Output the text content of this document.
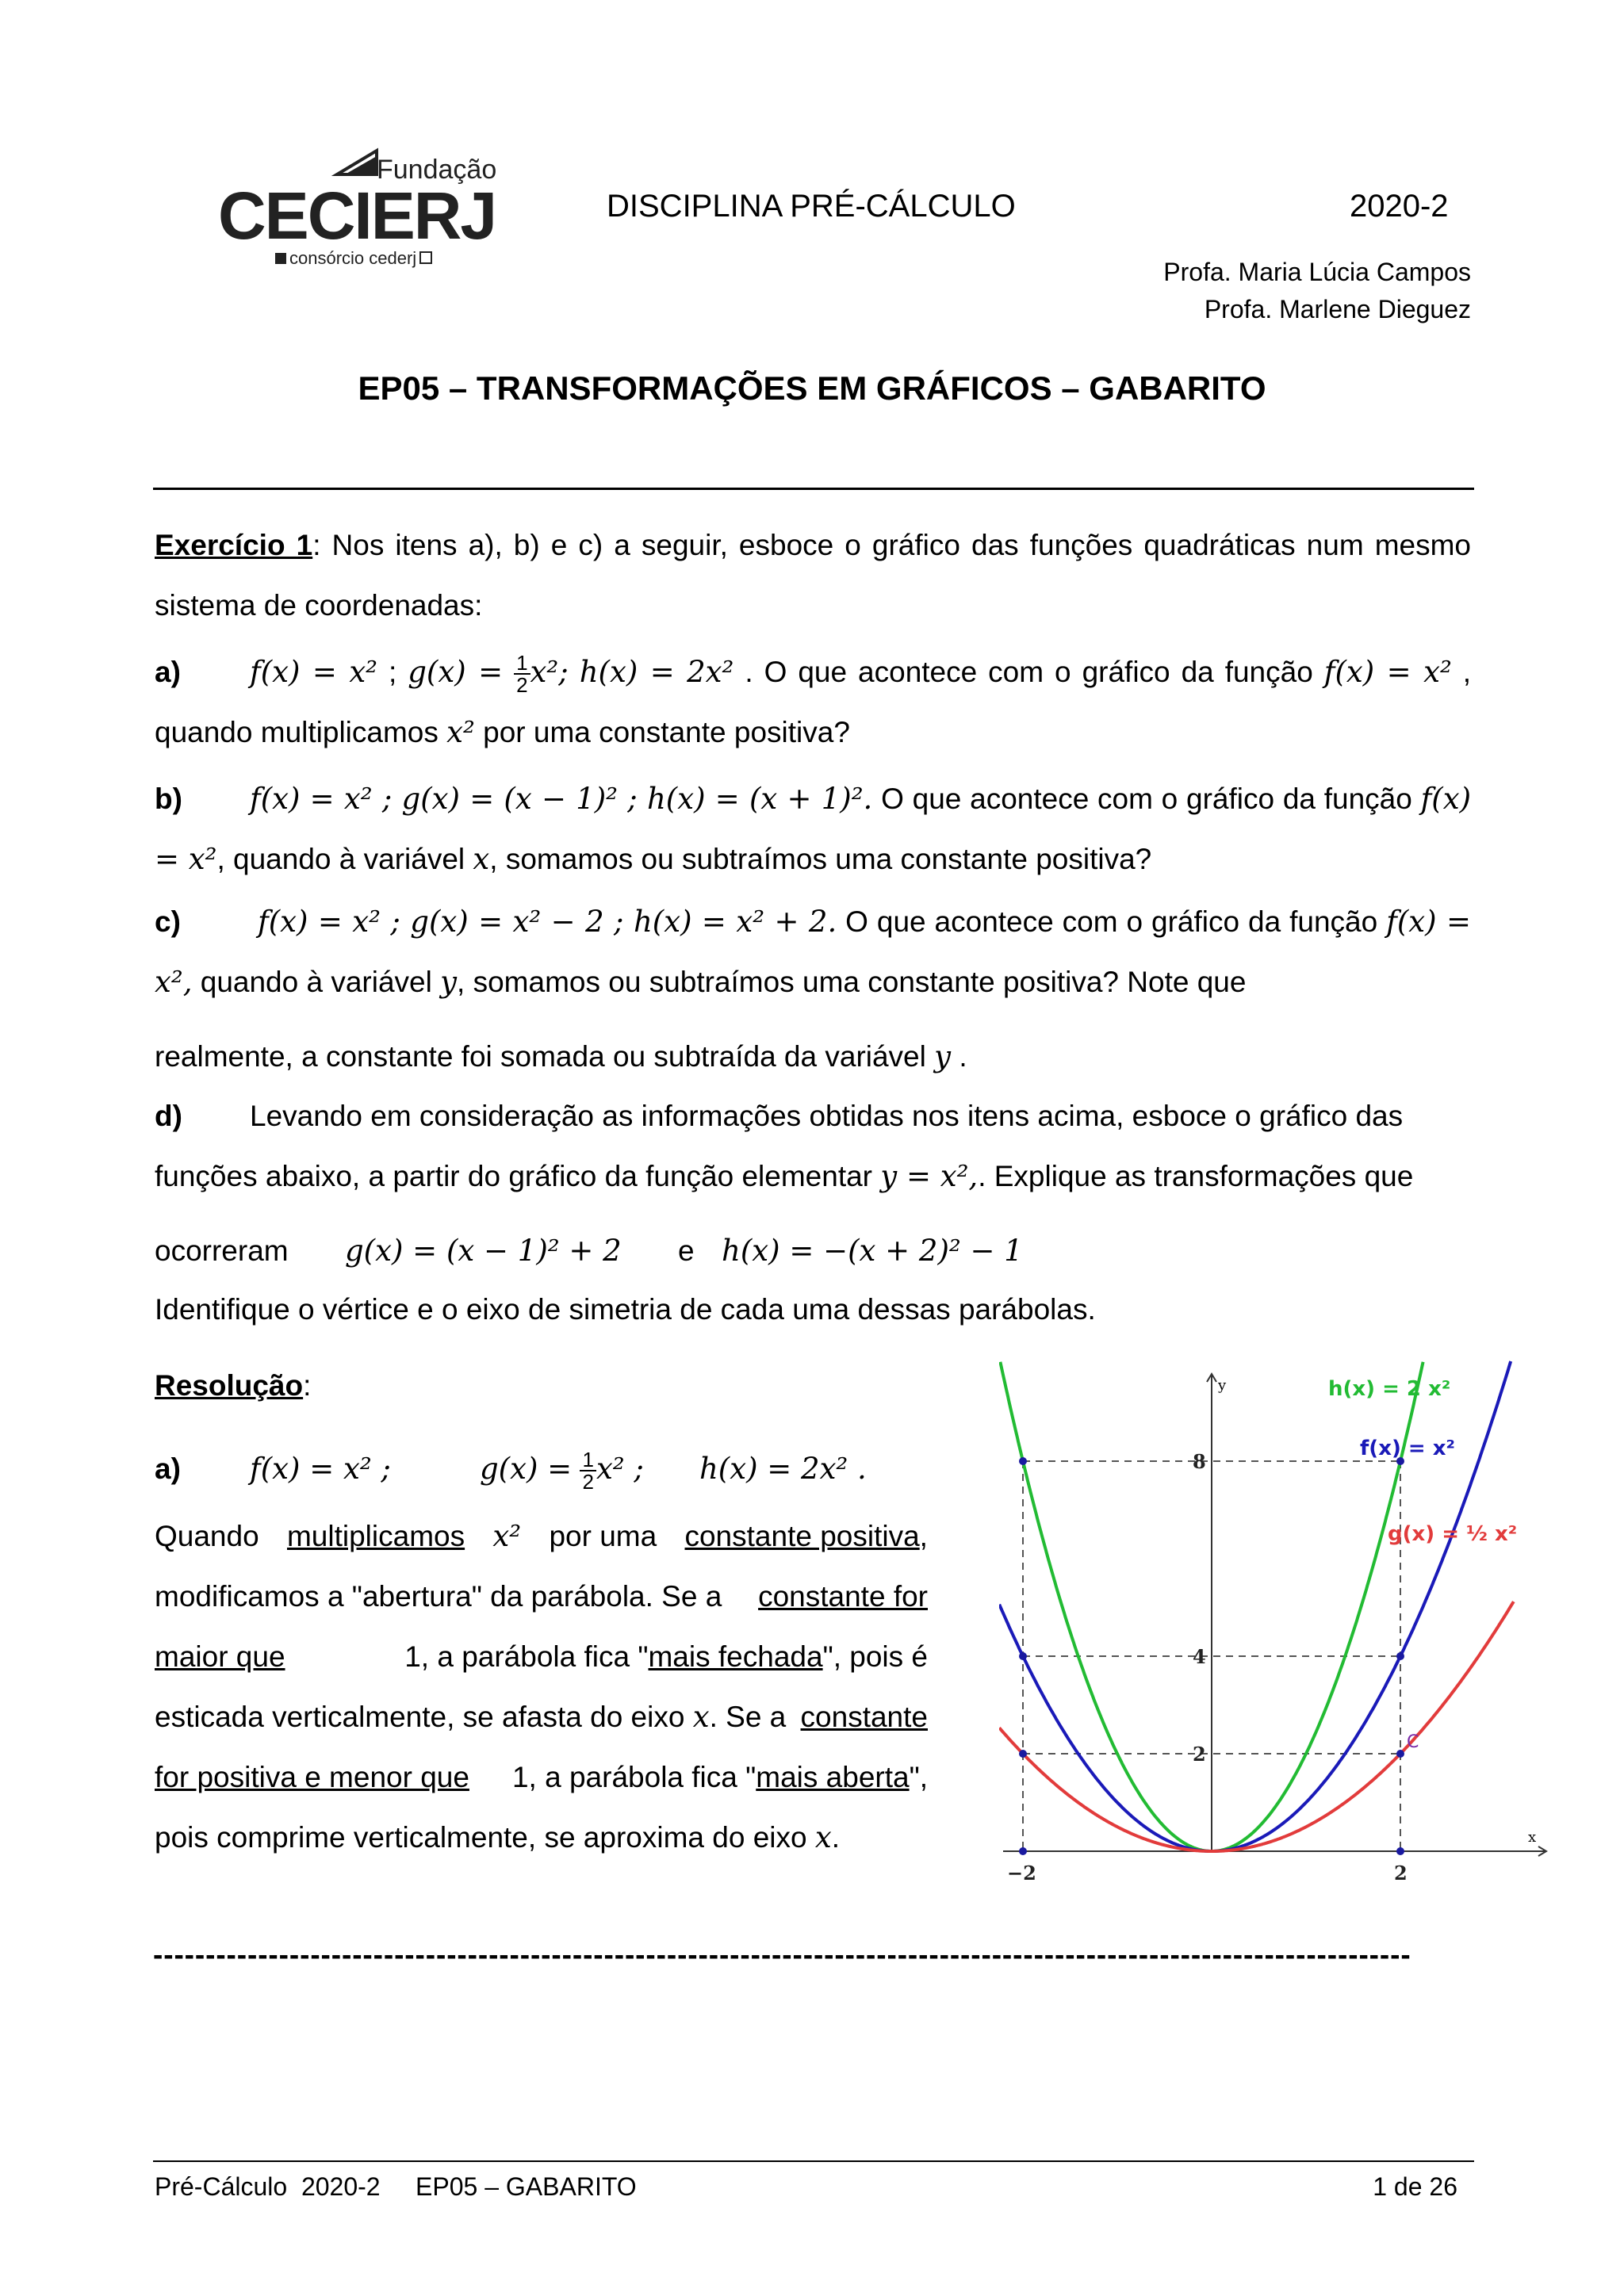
Fundação
CECIERJ
consórcio cederj
DISCIPLINA PRÉ-CÁLCULO	2020-2
Profa. Maria Lúcia Campos
Profa. Marlene Dieguez
EP05 – TRANSFORMAÇÕES EM GRÁFICOS – GABARITO
Exercício 1: Nos itens a), b) e c) a seguir, esboce o gráfico das funções quadráticas num mesmo sistema de coordenadas:
a) f(x) = x² ; $g(x) = \frac{1}{2} x^2$; h(x) = 2x² . O que acontece com o gráfico da função f(x) = x² , quando multiplicamos x² por uma constante positiva?
b) f(x) = x² ; g(x) = (x − 1)² ; h(x) = (x + 1)². O que acontece com o gráfico da função f(x) = x², quando à variável x, somamos ou subtraímos uma constante positiva?
c)	f(x) = x² ; g(x) = x² − 2 ; h(x) = x² + 2. O que acontece com o gráfico da função f(x) = x², quando à variável y, somamos ou subtraímos uma constante positiva? Note que
realmente, a constante foi somada ou subtraída da variável y .
d) Levando em consideração as informações obtidas nos itens acima, esboce o gráfico das
funções abaixo, a partir do gráfico da função elementar y = x²,. Explique as transformações que
ocorreram g(x) = (x − 1)² + 2 e h(x) = −(x + 2)² − 1
Identifique o vértice e o eixo de simetria de cada uma dessas parábolas.
Resolução:
a) f(x) = x² ;	$g(x) = \frac{1}{2} x^2$ ; h(x) = 2x² .
Quando multiplicamos x² por uma constante positiva,
modificamos a "abertura" da parábola. Se a constante for
maior que	1, a parábola fica "mais fechada", pois é
esticada verticalmente, se afasta do eixo x. Se a constante
for positiva e menor que 1, a parábola fica "mais aberta",
pois comprime verticalmente, se aproxima do eixo x.	x
y
8
4
2
−2	2
C
h(x) = 2 x²
f(x) = x²
g(x) = ½ x²
------------------------------------------------------------------------------------------------------------------------
Pré-Cálculo  2020-2     EP05 – GABARITO	1 de 26
